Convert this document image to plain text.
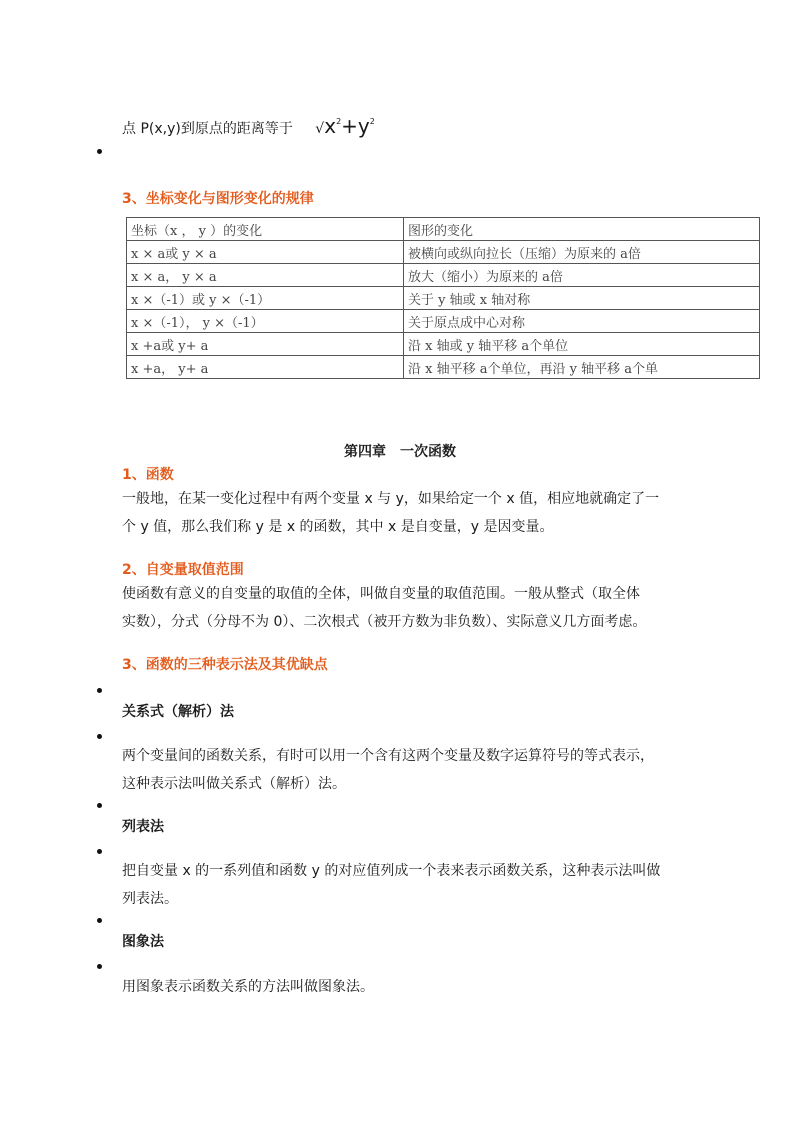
点 P(x,y)到原点的距离等于 $√x^2+y^2$
3、坐标变化与图形变化的规律
坐标（x ， y ）的变化	图形的变化
x × a或 y × a	被横向或纵向拉长（压缩）为原来的 a倍
x × a， y × a	放大（缩小）为原来的 a倍
x ×（-1）或 y ×（-1）	关于 y 轴或 x 轴对称
x ×（-1）， y ×（-1）	关于原点成中心对称
x +a或 y+ a	沿 x 轴或 y 轴平移 a个单位
x +a， y+ a	沿 x 轴平移 a个单位，再沿 y 轴平移 a个单
第四章　一次函数
1、函数
一般地，在某一变化过程中有两个变量 x 与 y，如果给定一个 x 值，相应地就确定了一
个 y 值，那么我们称 y 是 x 的函数，其中 x 是自变量，y 是因变量。
2、自变量取值范围
使函数有意义的自变量的取值的全体，叫做自变量的取值范围。一般从整式（取全体
实数），分式（分母不为 0）、二次根式（被开方数为非负数）、实际意义几方面考虑。
3、函数的三种表示法及其优缺点
关系式（解析）法
两个变量间的函数关系，有时可以用一个含有这两个变量及数字运算符号的等式表示，
这种表示法叫做关系式（解析）法。
列表法
把自变量 x 的一系列值和函数 y 的对应值列成一个表来表示函数关系，这种表示法叫做
列表法。
图象法
用图象表示函数关系的方法叫做图象法。
